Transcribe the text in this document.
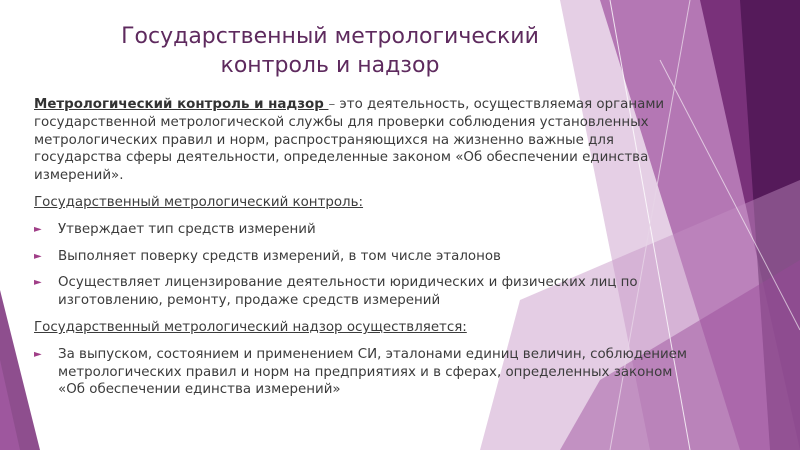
Государственный метрологический
контроль и надзор

Метрологический контроль и надзор – это деятельность, осуществляемая органами государственной метрологической службы для проверки соблюдения установленных метрологических правил и норм, распространяющихся на жизненно важные для государства сферы деятельности, определенные законом «Об обеспечении единства измерений».

Государственный метрологический контроль:

► Утверждает тип средств измерений
► Выполняет поверку средств измерений, в том числе эталонов
► Осуществляет лицензирование деятельности юридических и физических лиц по изготовлению, ремонту, продаже средств измерений

Государственный метрологический надзор осуществляется:

► За выпуском, состоянием и применением СИ, эталонами единиц величин, соблюдением метрологических правил и норм на предприятиях и в сферах, определенных законом «Об обеспечении единства измерений»
